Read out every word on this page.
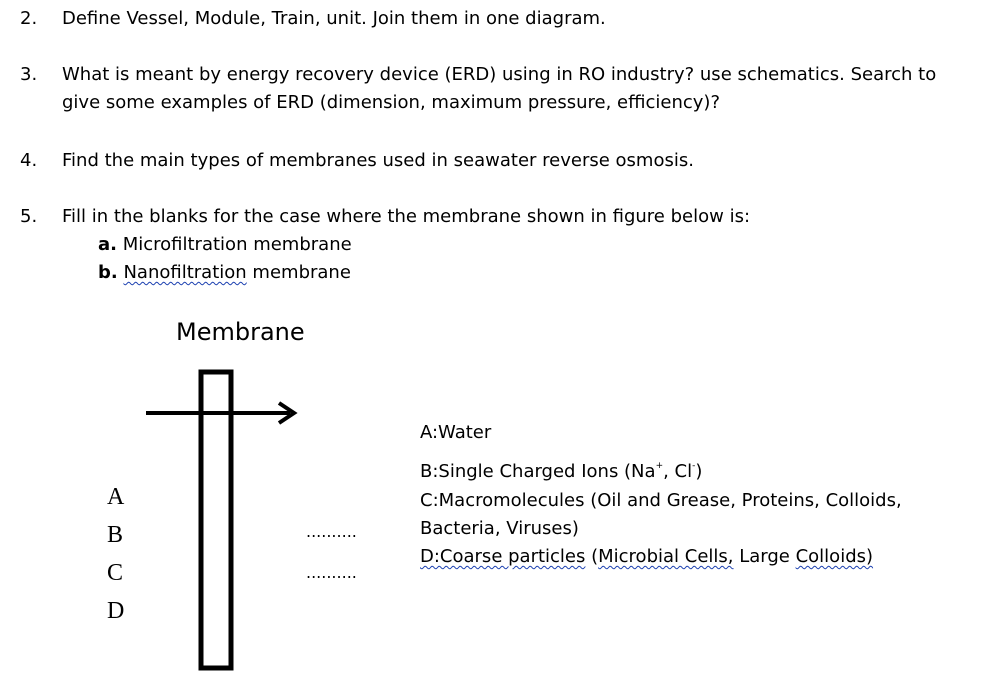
2.	Define Vessel, Module, Train, unit. Join them in one diagram.
3.	What is meant by energy recovery device (ERD) using in RO industry? use schematics. Search to
give some examples of ERD (dimension, maximum pressure, efficiency)?
4.	Find the main types of membranes used in seawater reverse osmosis.
5.	Fill in the blanks for the case where the membrane shown in figure below is:
a. Microfiltration membrane
b. Nanofiltration membrane
Membrane
A
B
C
D
..........
..........
A:Water
B:Single Charged Ions (Na+, Cl-)
C:Macromolecules (Oil and Grease, Proteins, Colloids,
Bacteria, Viruses)
D:Coarse particles (Microbial Cells, Large Colloids)
